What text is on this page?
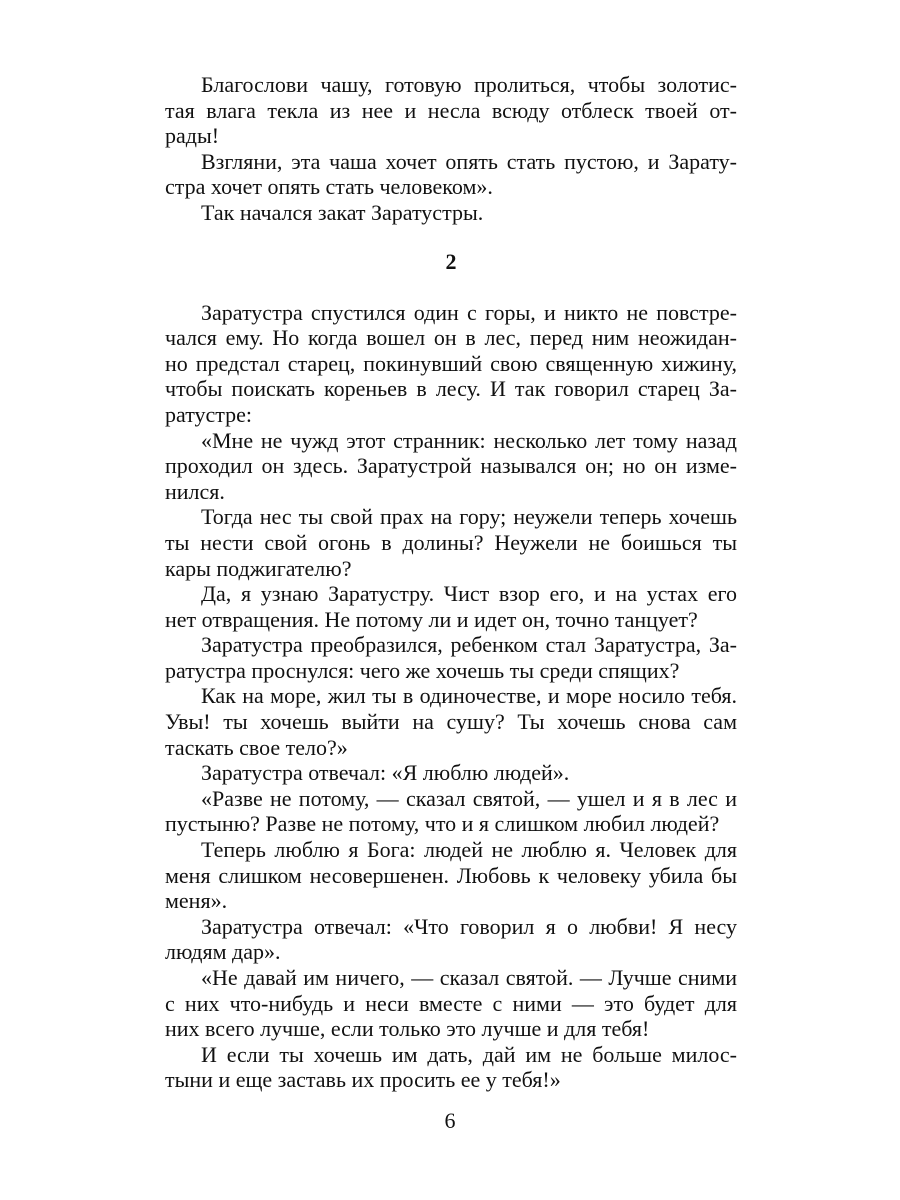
Благослови чашу, готовую пролиться, чтобы золотис-
тая влага текла из нее и несла всюду отблеск твоей от-
рады!

Взгляни, эта чаша хочет опять стать пустою, и Зарату-
стра хочет опять стать человеком».

Так начался закат Заратустры.

2

Заратустра спустился один с горы, и никто не повстре-
чался ему. Но когда вошел он в лес, перед ним неожидан-
но предстал старец, покинувший свою священную хижину,
чтобы поискать кореньев в лесу. И так говорил старец За-
ратустре:

«Мне не чужд этот странник: несколько лет тому назад
проходил он здесь. Заратустрой назывался он; но он изме-
нился.

Тогда нес ты свой прах на гору; неужели теперь хочешь
ты нести свой огонь в долины? Неужели не боишься ты
кары поджигателю?

Да, я узнаю Заратустру. Чист взор его, и на устах его
нет отвращения. Не потому ли и идет он, точно танцует?

Заратустра преобразился, ребенком стал Заратустра, За-
ратустра проснулся: чего же хочешь ты среди спящих?

Как на море, жил ты в одиночестве, и море носило тебя.
Увы! ты хочешь выйти на сушу? Ты хочешь снова сам
таскать свое тело?»

Заратустра отвечал: «Я люблю людей».

«Разве не потому, — сказал святой, — ушел и я в лес и
пустыню? Разве не потому, что и я слишком любил людей?

Теперь люблю я Бога: людей не люблю я. Человек для
меня слишком несовершенен. Любовь к человеку убила бы
меня».

Заратустра отвечал: «Что говорил я о любви! Я несу
людям дар».

«Не давай им ничего, — сказал святой. — Лучше сними
с них что-нибудь и неси вместе с ними — это будет для
них всего лучше, если только это лучше и для тебя!

И если ты хочешь им дать, дай им не больше милос-
тыни и еще заставь их просить ее у тебя!»

6
